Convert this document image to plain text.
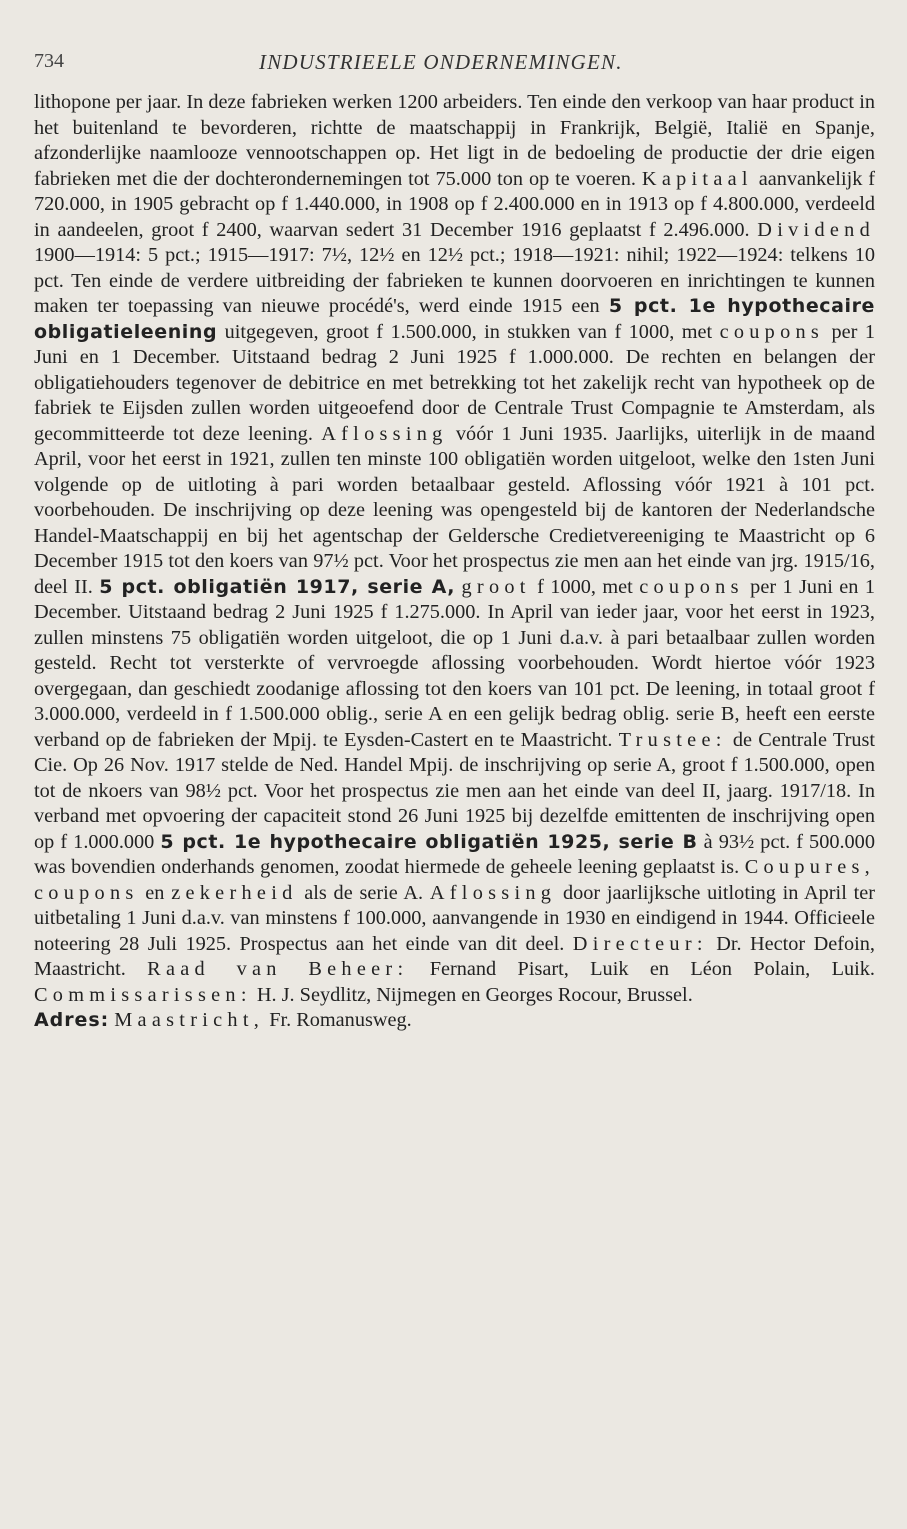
734	INDUSTRIEELE ONDERNEMINGEN.
lithopone per jaar. In deze fabrieken werken 1200 arbeiders. Ten einde den verkoop van haar product in het buitenland te bevorderen, richtte de maatschappij in Frankrijk, België, Italië en Spanje, afzonderlijke naamlooze vennootschappen op. Het ligt in de bedoeling de productie der drie eigen fabrieken met die der dochterondernemingen tot 75.000 ton op te voeren. Kapitaal aanvankelijk f 720.000, in 1905 gebracht op f 1.440.000, in 1908 op f 2.400.000 en in 1913 op f 4.800.000, verdeeld in aandeelen, groot f 2400, waarvan sedert 31 December 1916 geplaatst f 2.496.000. Dividend 1900—1914: 5 pct.; 1915—1917: 7½, 12½ en 12½ pct.; 1918—1921: nihil; 1922—1924: telkens 10 pct. Ten einde de verdere uitbreiding der fabrieken te kunnen doorvoeren en inrichtingen te kunnen maken ter toepassing van nieuwe procédé's, werd einde 1915 een 5 pct. 1e hypothecaire obligatieleening uitgegeven, groot f 1.500.000, in stukken van f 1000, met coupons per 1 Juni en 1 December. Uitstaand bedrag 2 Juni 1925 f 1.000.000. De rechten en belangen der obligatiehouders tegenover de debitrice en met betrekking tot het zakelijk recht van hypotheek op de fabriek te Eijsden zullen worden uitgeoefend door de Centrale Trust Compagnie te Amsterdam, als gecommitteerde tot deze leening. Aflossing vóór 1 Juni 1935. Jaarlijks, uiterlijk in de maand April, voor het eerst in 1921, zullen ten minste 100 obligatiën worden uitgeloot, welke den 1sten Juni volgende op de uitloting à pari worden betaalbaar gesteld. Aflossing vóór 1921 à 101 pct. voorbehouden. De inschrijving op deze leening was opengesteld bij de kantoren der Nederlandsche Handel-Maatschappij en bij het agentschap der Geldersche Credietvereeniging te Maastricht op 6 December 1915 tot den koers van 97½ pct. Voor het prospectus zie men aan het einde van jrg. 1915/16, deel II. 5 pct. obligatiën 1917, serie A, groot f 1000, met coupons per 1 Juni en 1 December. Uitstaand bedrag 2 Juni 1925 f 1.275.000. In April van ieder jaar, voor het eerst in 1923, zullen minstens 75 obligatiën worden uitgeloot, die op 1 Juni d.a.v. à pari betaalbaar zullen worden gesteld. Recht tot versterkte of vervroegde aflossing voorbehouden. Wordt hiertoe vóór 1923 overgegaan, dan geschiedt zoodanige aflossing tot den koers van 101 pct. De leening, in totaal groot f 3.000.000, verdeeld in f 1.500.000 oblig., serie A en een gelijk bedrag oblig. serie B, heeft een eerste verband op de fabrieken der Mpij. te Eysden-Castert en te Maastricht. Trustee: de Centrale Trust Cie. Op 26 Nov. 1917 stelde de Ned. Handel Mpij. de inschrijving op serie A, groot f 1.500.000, open tot de nkoers van 98½ pct. Voor het prospectus zie men aan het einde van deel II, jaarg. 1917/18. In verband met opvoering der capaciteit stond 26 Juni 1925 bij dezelfde emittenten de inschrijving open op f 1.000.000 5 pct. 1e hypothecaire obligatiën 1925, serie B à 93½ pct. f 500.000 was bovendien onderhands genomen, zoodat hiermede de geheele leening geplaatst is. Coupures, coupons en zekerheid als de serie A. Aflossing door jaarlijksche uitloting in April ter uitbetaling 1 Juni d.a.v. van minstens f 100.000, aanvangende in 1930 en eindigend in 1944. Officieele noteering 28 Juli 1925. Prospectus aan het einde van dit deel. Directeur: Dr. Hector Defoin, Maastricht. Raad van Beheer: Fernand Pisart, Luik en Léon Polain, Luik. Commissarissen: H. J. Seydlitz, Nijmegen en Georges Rocour, Brussel.
Adres: Maastricht, Fr. Romanusweg.
